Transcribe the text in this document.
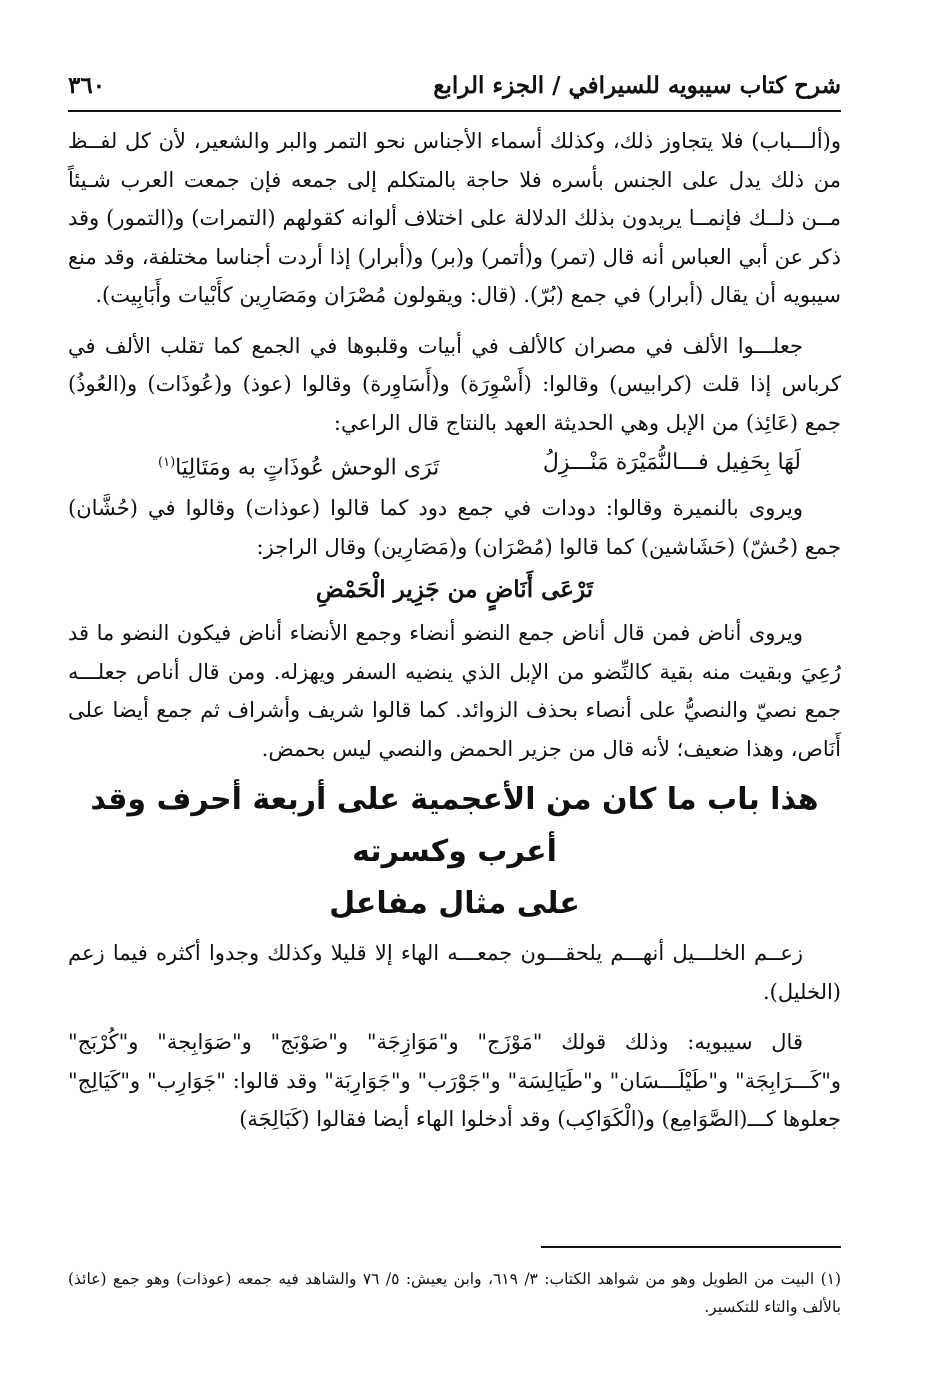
شرح كتاب سيبويه للسيرافي / الجزء الرابع
٣٦٠

و(ألـــباب) فلا يتجاوز ذلك، وكذلك أسماء الأجناس نحو التمر والبر والشعير، لأن كل لفــظ من ذلك يدل على الجنس بأسره فلا حاجة بالمتكلم إلى جمعه فإن جمعت العرب شـيئاً مــن ذلــك فإنمــا يريدون بذلك الدلالة على اختلاف ألوانه كقولهم (التمرات) و(التمور) وقد ذكر عن أبي العباس أنه قال (تمر) و(أتمر) و(بر) و(أبرار) إذا أردت أجناسا مختلفة، وقد منع سيبويه أن يقال (أبرار) في جمع (بُرّ). (قال: ويقولون مُصْرَان ومَصَارِين كأَبْيات وأَبَابِيت).

جعلـــوا الألف في مصران كالألف في أبيات وقلبوها في الجمع كما تقلب الألف في كرباس إذا قلت (كرابيس) وقالوا: (أَسْوِرَة) و(أَسَاوِرة) وقالوا (عوذ) و(عُوذَات) و(العُوذُ) جمع (عَائِذ) من الإبل وهي الحديثة العهد بالنتاج قال الراعي:

لَهَا بِحَفِيل فـــالنُّمَيْرَة مَنْـــزِلُ
تَرَى الوحش عُوذَاتٍ به ومَتَالِيَا$^{(١)}$

ويروى بالنميرة وقالوا: دودات في جمع دود كما قالوا (عوذات) وقالوا في (حُشَّان) جمع (حُشّ) (حَشَاشين) كما قالوا (مُصْرَان) و(مَصَارِين) وقال الراجز:

تَرْعَى أَنَاضٍ من جَزِير الْحَمْضِ

ويروى أناض فمن قال أناض جمع النضو أنضاء وجمع الأنضاء أناض فيكون النضو ما قد رُعِيَ وبقيت منه بقية كالنِّضو من الإبل الذي ينضيه السفر ويهزله. ومن قال أناص جعلـــه جمع نصيّ والنصيُّ على أنصاء بحذف الزوائد. كما قالوا شريف وأشراف ثم جمع أيضا على أَنَاص، وهذا ضعيف؛ لأنه قال من جزير الحمض والنصي ليس بحمض.

هذا باب ما كان من الأعجمية على أربعة أحرف وقد أعرب وكسرته
على مثال مفاعل

زعــم الخلـــيل أنهـــم يلحقـــون جمعـــه الهاء إلا قليلا وكذلك وجدوا أكثره فيما زعم (الخليل).

قال سيبويه: وذلك قولك "مَوْزَج" و"مَوَازِجَة" و"صَوْبَج" و"صَوَابِجة" و"كُرْبَج" و"كَـــرَابِجَة" و"طَيْلَـــسَان" و"طَيَالِسَة" و"جَوْرَب" و"جَوَارِبَة" وقد قالوا: "جَوَارِب" و"كَيَالِج" جعلوها كـــ(الصَّوَامِع) و(الْكَوَاكِب) وقد أدخلوا الهاء أيضا فقالوا (كَبَالِجَة)

(١) البيت من الطويل وهو من شواهد الكتاب: ٣/ ٦١٩، وابن يعيش: ٥/ ٧٦ والشاهد فيه جمعه (عوذات) وهو جمع (عائذ) بالألف والتاء للتكسير.
